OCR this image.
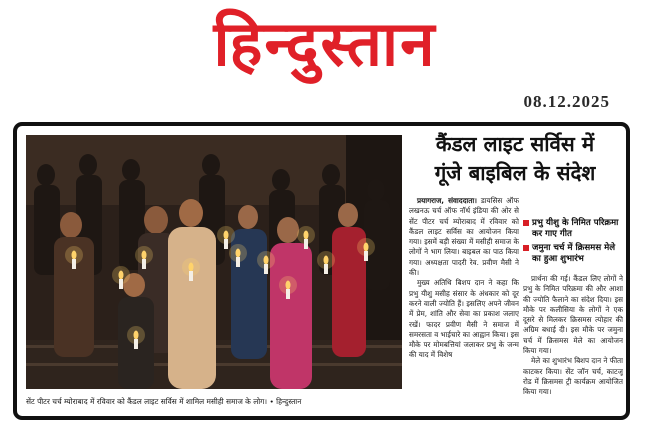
हिन्दुस्तान
08.12.2025
सेंट पीटर चर्च म्योराबाद में रविवार को कैंडल लाइट सर्विस में शामिल मसीही समाज के लोग। • हिन्दुस्तान
कैंडल लाइट सर्विस में
गूंजे बाइबिल के संदेश

प्रयागराज, संवाददाता। डायसिस ऑफ लखनऊ चर्च ऑफ नॉर्थ इंडिया की ओर से सेंट पीटर चर्च म्योराबाद में रविवार को कैंडल लाइट सर्विस का आयोजन किया गया। इसमें बड़ी संख्या में मसीही समाज के लोगों ने भाग लिया। बाइबल का पाठ किया गया। अध्यक्षता पादरी रेव. प्रवीण मैसी ने की।

मुख्य अतिथि बिशप दान ने कहा कि प्रभु यीशु मसीह संसार के अंधकार को दूर करने वाली ज्योति हैं। इसलिए अपने जीवन में प्रेम, शांति और सेवा का प्रकाश जलाए रखें। फादर प्रवीण मैसी ने समाज में समरसता व भाईचारे का आह्वान किया। इस मौके पर मोमबत्तियां जलाकर प्रभु के जन्म की याद में विशेष

प्रभु यीशु के निमित परिक्रमा कर गाए गीत
जमुना चर्च में क्रिसमस मेले का हुआ शुभारंभ

प्रार्थना की गई। कैंडल लिए लोगों ने प्रभु के निमित परिक्रमा की और आशा की ज्योति फैलाने का संदेश दिया। इस मौके पर कलीसिया के लोगों ने एक दूसरे से मिलकर क्रिसमस त्योहार की अग्रिम बधाई दी। इस मौके पर जमुना चर्च में क्रिसमस मेले का आयोजन किया गया।

मेले का शुभारंभ बिशप दान ने फीता काटकर किया। सेंट जॉन चर्च, काटजू रोड में क्रिसमस ट्री कार्यक्रम आयोजित किया गया।
